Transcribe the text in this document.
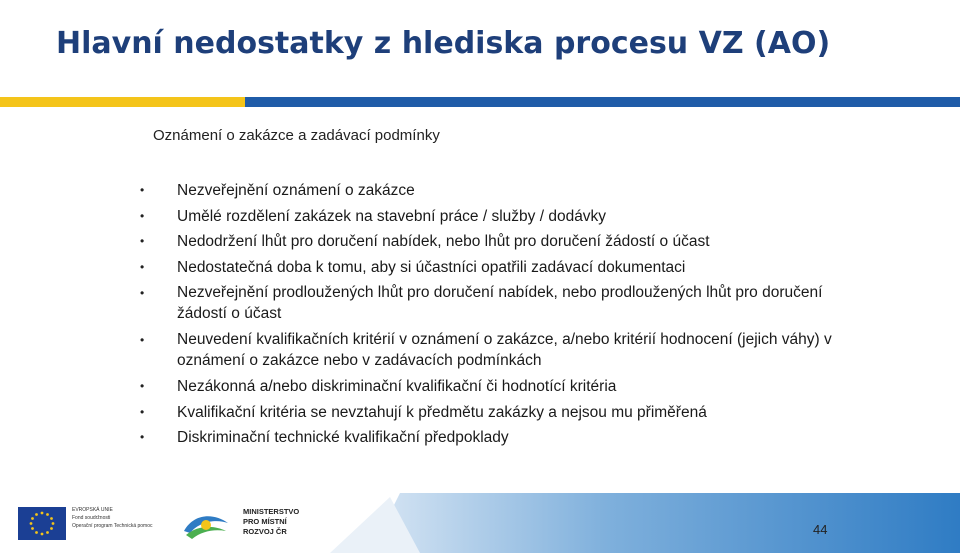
Hlavní nedostatky z hlediska procesu VZ (AO)
Oznámení o zakázce a zadávací podmínky
• Nezveřejnění oznámení o zakázce
• Umělé rozdělení zakázek na stavební práce / služby / dodávky
• Nedodržení lhůt pro doručení nabídek, nebo lhůt pro doručení žádostí o účast
• Nedostatečná doba k tomu, aby si účastníci opatřili zadávací dokumentaci
• Nezveřejnění prodloužených lhůt pro doručení nabídek, nebo prodloužených lhůt pro doručení žádostí o účast
• Neuvedení kvalifikačních kritérií v oznámení o zakázce, a/nebo kritérií hodnocení (jejich váhy) v oznámení o zakázce nebo v zadávacích podmínkách
• Nezákonná a/nebo diskriminační kvalifikační či hodnotící kritéria
• Kvalifikační kritéria se nevztahují k předmětu zakázky a nejsou mu přiměřená
• Diskriminační technické kvalifikační předpoklady
EVROPSKÁ UNIE
Fond soudržnosti
Operační program Technická pomoc
MINISTERSTVO
PRO MÍSTNÍ
ROZVOJ ČR	44
